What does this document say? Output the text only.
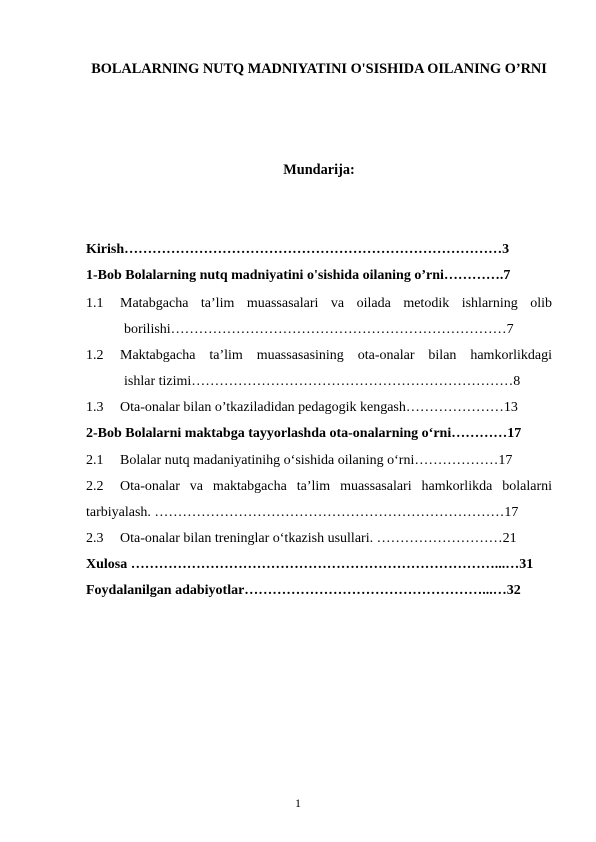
BOLALARNING NUTQ MADNIYATINI O'SISHIDA OILANING O’RNI
Mundarija:
Kirish………………………………………………………………………3
1-Bob Bolalarning nutq madniyatini o'sishida oilaning o’rni………….7
1.1 Matabgacha ta’lim muassasalari va oilada metodik ishlarning olib
borilishi………………………………………………………………7
1.2 Maktabgacha ta’lim muassasasining ota-onalar bilan hamkorlikdagi
ishlar tizimi……………………………………………………………8
1.3 Ota-onalar bilan o’tkaziladidan pedagogik kengash…………………13
2-Bob Bolalarni maktabga tayyorlashda ota-onalarning o‘rni…………17
2.1 Bolalar nutq madaniyatinihg o‘sishida oilaning o‘rni………………17
2.2 Ota-onalar va maktabgacha ta’lim muassasalari hamkorlikda bolalarni
tarbiyalash. …………………………………………………………………17
2.3 Ota-onalar bilan treninglar o‘tkazish usullari. ………………………21
Xulosa ……………………………………………………………………...…31
Foydalanilgan adabiyotlar……………………………………………...…32
1
